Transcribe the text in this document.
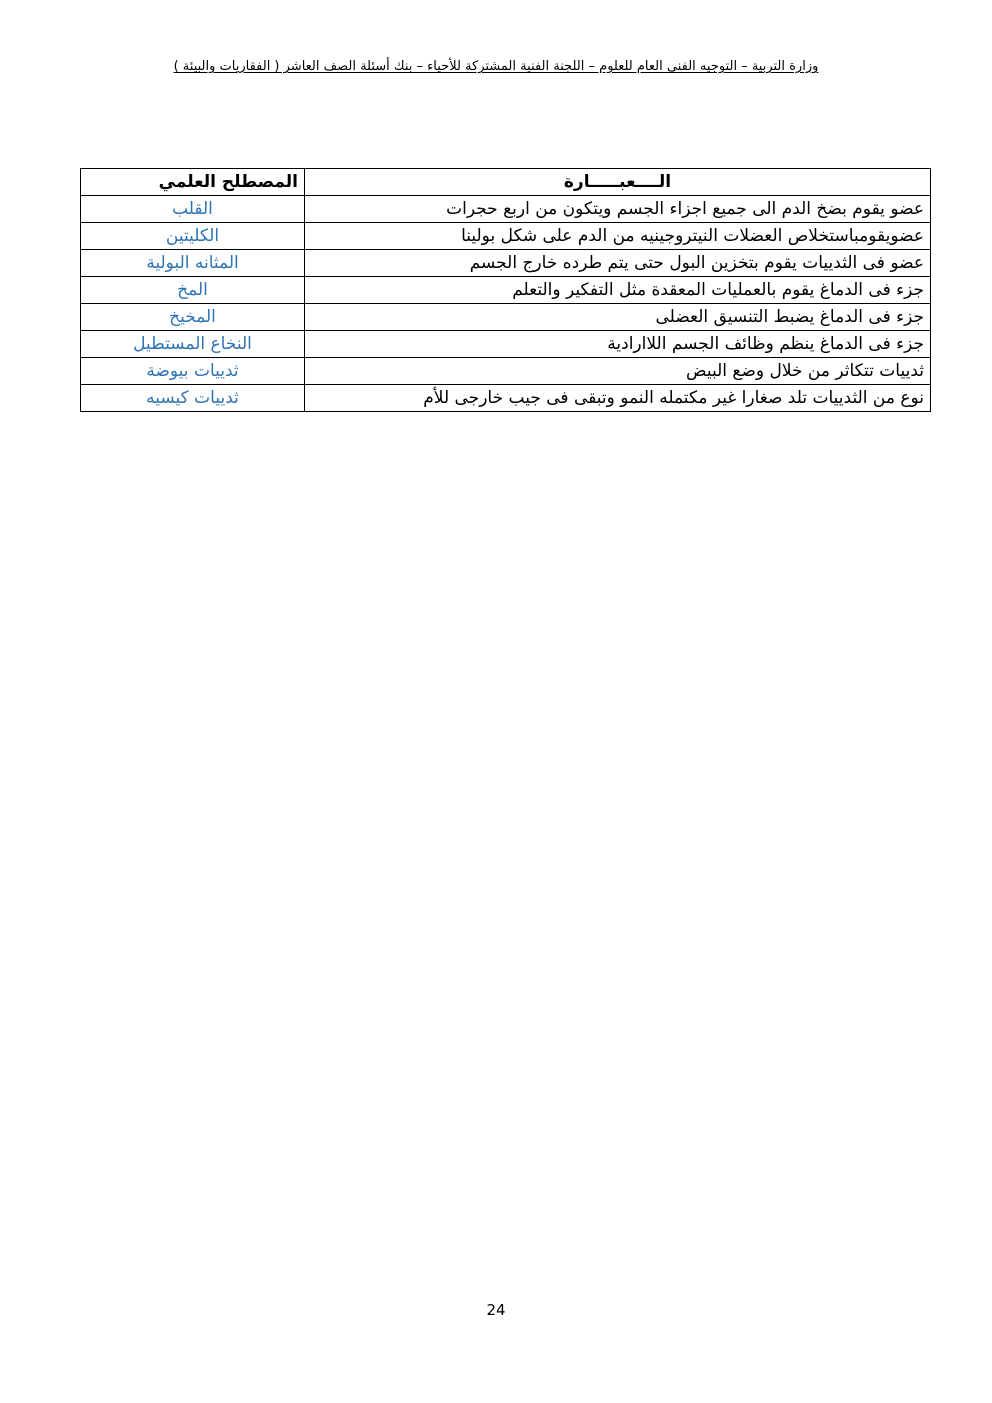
وزارة التربية – التوجيه الفنى العام للعلوم – اللجنة الفنية المشتركة للأحياء – بنك أسئلة الصف العاشر ( الفقاريات والبيئة )
الــــعبـــــارة	المصطلح العلمي
عضو يقوم بضخ الدم الى جميع اجزاء الجسم ويتكون من اربع حجرات	القلب
عضويقومباستخلاص العضلات النيتروجينيه من الدم على شكل بولينا	الكليتين
عضو فى الثدييات يقوم بتخزين البول حتى يتم طرده خارج الجسم	المثانه البولية
جزء فى الدماغ يقوم بالعمليات المعقدة مثل التفكير والتعلم	المخ
جزء فى الدماغ يضبط التنسيق العضلى	المخيخ
جزء فى الدماغ ينظم وظائف الجسم اللاارادية	النخاع المستطيل
ثدييات تتكاثر من خلال وضع البيض	ثدييات بيوضة
نوع من الثدييات تلد صغارا غير مكتمله النمو وتبقى فى جيب خارجى للأم	ثدييات كيسيه
24
